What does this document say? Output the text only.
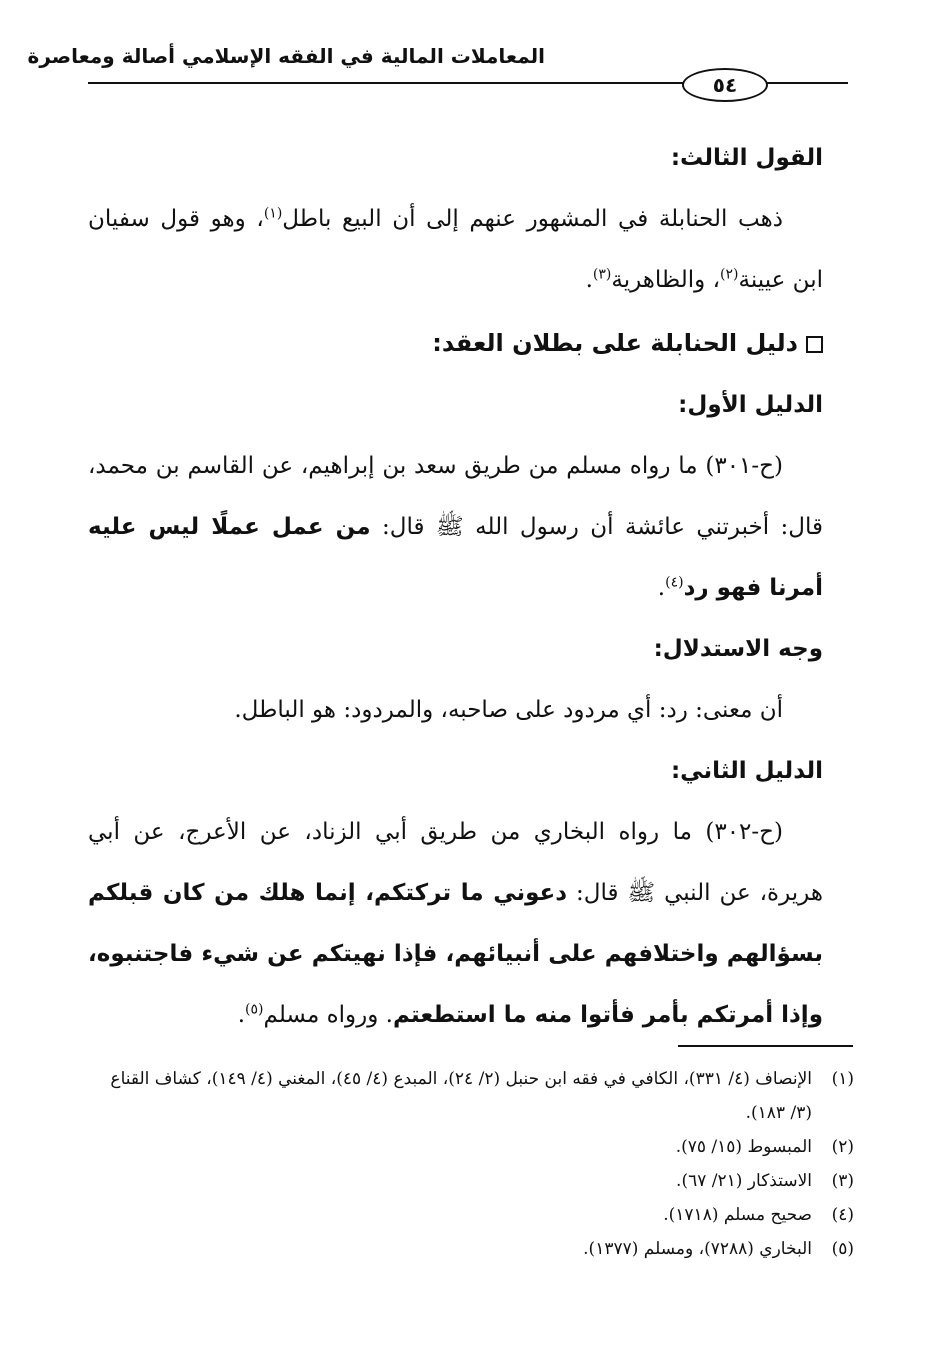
المعاملات المالية في الفقه الإسلامي أصالة ومعاصرة
٥٤
القول الثالث:

ذهب الحنابلة في المشهور عنهم إلى أن البيع باطل$^{(١)}$، وهو قول سفيان ابن عيينة$^{(٢)}$، والظاهرية$^{(٣)}$.

دليل الحنابلة على بطلان العقد:
الدليل الأول:

(ح-٣٠١) ما رواه مسلم من طريق سعد بن إبراهيم، عن القاسم بن محمد، قال: أخبرتني عائشة أن رسول الله ﷺ قال: من عمل عملًا ليس عليه أمرنا فهو رد$^{(٤)}$.

وجه الاستدلال:

أن معنى: رد: أي مردود على صاحبه، والمردود: هو الباطل.

الدليل الثاني:

(ح-٣٠٢) ما رواه البخاري من طريق أبي الزناد، عن الأعرج، عن أبي هريرة، عن النبي ﷺ قال: دعوني ما تركتكم، إنما هلك من كان قبلكم بسؤالهم واختلافهم على أنبيائهم، فإذا نهيتكم عن شيء فاجتنبوه، وإذا أمرتكم بأمر فأتوا منه ما استطعتم. ورواه مسلم$^{(٥)}$.

(١)
الإنصاف (٤/ ٣٣١)، الكافي في فقه ابن حنبل (٢/ ٢٤)، المبدع (٤/ ٤٥)، المغني (٤/ ١٤٩)، كشاف القناع (٣/ ١٨٣).

(٢)
المبسوط (١٥/ ٧٥).

(٣)
الاستذكار (٢١/ ٦٧).

(٤)
صحيح مسلم (١٧١٨).

(٥)
البخاري (٧٢٨٨)، ومسلم (١٣٧٧).
